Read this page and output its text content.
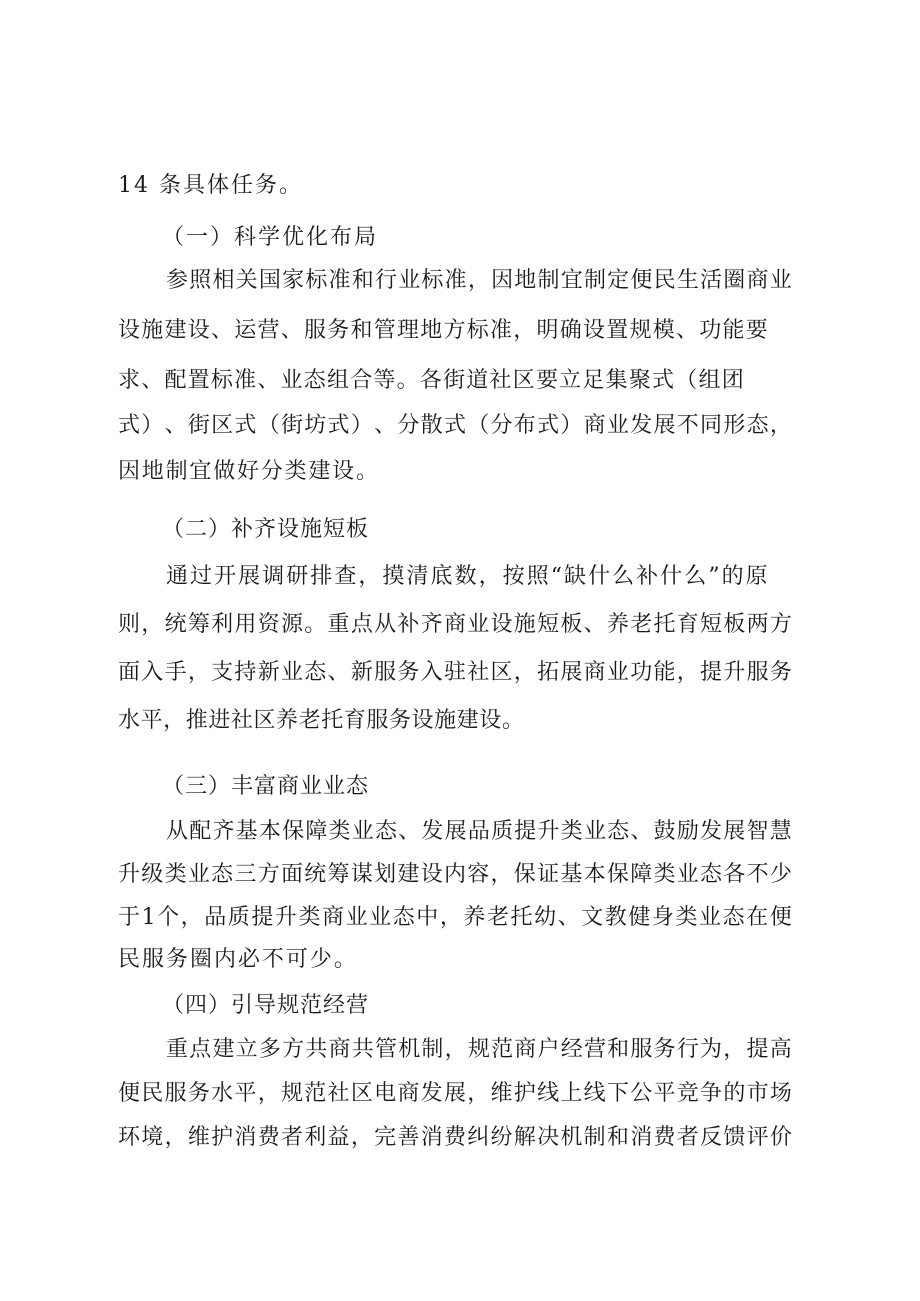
14 条具体任务。
（一）科学优化布局
参 照 相 关 国 家 标 准 和 行 业 标 准 ， 因 地 制 宜 制 定 便 民 生 活 圈 商 业
设 施 建 设 、 运 营 、 服 务 和 管 理 地 方 标 准 ， 明 确 设 置 规 模 、 功 能 要
求 、 配 置 标 准 、 业 态 组 合 等 。 各 街 道 社 区 要 立 足 集 聚 式 （ 组 团
式 ） 、 街 区 式 （ 街 坊 式 ） 、 分 散 式 （ 分 布 式 ） 商 业 发 展 不 同 形 态 ，
因 地 制 宜 做 好 分 类 建 设 。
（二）补齐设施短板
通 过 开 展 调 研 排 查 ， 摸 清 底 数 ， 按 照 “ 缺 什 么 补 什 么 ” 的 原
则 ， 统 筹 利 用 资 源 。 重 点 从 补 齐 商 业 设 施 短 板 、 养 老 托 育 短 板 两 方
面 入 手 ， 支 持 新 业 态 、 新 服 务 入 驻 社 区 ， 拓 展 商 业 功 能 ， 提 升 服 务
水 平 ， 推 进 社 区 养 老 托 育 服 务 设 施 建 设 。
（三）丰富商业业态
从 配 齐 基 本 保 障 类 业 态 、 发 展 品 质 提 升 类 业 态 、 鼓 励 发 展 智 慧
升 级 类 业 态 三 方 面 统 筹 谋 划 建 设 内 容 ， 保 证 基 本 保 障 类 业 态 各 不 少
于 1 个 ， 品 质 提 升 类 商 业 业 态 中 ， 养 老 托 幼 、 文 教 健 身 类 业 态 在 便
民 服 务 圈 内 必 不 可 少 。
（四）引导规范经营
重 点 建 立 多 方 共 商 共 管 机 制 ， 规 范 商 户 经 营 和 服 务 行 为 ， 提 高
便 民 服 务 水 平 ， 规 范 社 区 电 商 发 展 ， 维 护 线 上 线 下 公 平 竞 争 的 市 场
环 境 ， 维 护 消 费 者 利 益 ， 完 善 消 费 纠 纷 解 决 机 制 和 消 费 者 反 馈 评 价
